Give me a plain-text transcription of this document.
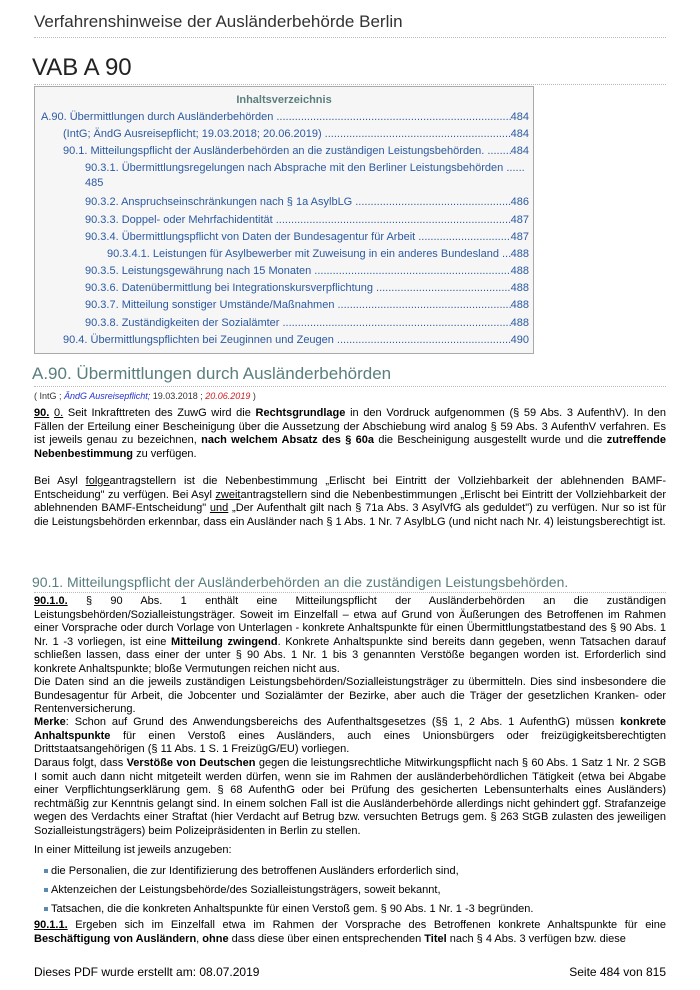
Verfahrenshinweise der Ausländerbehörde Berlin
VAB A 90
Inhaltsverzeichnis
A.90. Übermittlungen durch Ausländerbehörden .....	484
(IntG; ÄndG Ausreisepflicht; 19.03.2018; 20.06.2019) .....	484
90.1. Mitteilungspflicht der Ausländerbehörden an die zuständigen Leistungsbehörden. ..... 484
90.3.1. Übermittlungsregelungen nach Absprache mit den Berliner Leistungsbehörden ...... 485
90.3.2. Anspruchseinschränkungen nach § 1a AsylbLG .....	486
90.3.3. Doppel- oder Mehrfachidentität .....	487
90.3.4. Übermittlungspflicht von Daten der Bundesagentur für Arbeit .....	487
90.3.4.1. Leistungen für Asylbewerber mit Zuweisung in ein anderes Bundesland ..... 488
90.3.5. Leistungsgewährung nach 15 Monaten .....	488
90.3.6. Datenübermittlung bei Integrationskursverpflichtung .....	488
90.3.7. Mitteilung sonstiger Umstände/Maßnahmen .....	488
90.3.8. Zuständigkeiten der Sozialämter .....	488
90.4. Übermittlungspflichten bei Zeuginnen und Zeugen .....	490
A.90. Übermittlungen durch Ausländerbehörden
( IntG ; ÄndG Ausreisepflicht; 19.03.2018 ; 20.06.2019 )
90. 0. Seit Inkrafttreten des ZuwG wird die Rechtsgrundlage in den Vordruck aufgenommen (§ 59 Abs. 3 AufenthV). In den Fällen der Erteilung einer Bescheinigung über die Aussetzung der Abschiebung wird analog § 59 Abs. 3 AufenthV verfahren. Es ist jeweils genau zu bezeichnen, nach welchem Absatz des § 60a die Bescheinigung ausgestellt wurde und die zutreffende Nebenbestimmung zu verfügen.
Bei Asyl folgeantragstellern ist die Nebenbestimmung „Erlischt bei Eintritt der Vollziehbarkeit der ablehnenden BAMF-Entscheidung" zu verfügen. Bei Asyl zweitantragstellern sind die Nebenbestimmungen „Erlischt bei Eintritt der Vollziehbarkeit der ablehnenden BAMF-Entscheidung" und „Der Aufenthalt gilt nach § 71a Abs. 3 AsylVfG als geduldet") zu verfügen. Nur so ist für die Leistungsbehörden erkennbar, dass ein Ausländer nach § 1 Abs. 1 Nr. 7 AsylbLG (und nicht nach Nr. 4) leistungsberechtigt ist.
90.1. Mitteilungspflicht der Ausländerbehörden an die zuständigen Leistungsbehörden.
90.1.0. § 90 Abs. 1 enthält eine Mitteilungspflicht der Ausländerbehörden an die zuständigen Leistungsbehörden/Sozialleistungsträger. Soweit im Einzelfall – etwa auf Grund von Äußerungen des Betroffenen im Rahmen einer Vorsprache oder durch Vorlage von Unterlagen - konkrete Anhaltspunkte für einen Übermittlungstatbestand des § 90 Abs. 1 Nr. 1 -3 vorliegen, ist eine Mitteilung zwingend. Konkrete Anhaltspunkte sind bereits dann gegeben, wenn Tatsachen darauf schließen lassen, dass einer der unter § 90 Abs. 1 Nr. 1 bis 3 genannten Verstöße begangen worden ist. Erforderlich sind konkrete Anhaltspunkte; bloße Vermutungen reichen nicht aus.
Die Daten sind an die jeweils zuständigen Leistungsbehörden/Sozialleistungsträger zu übermitteln. Dies sind insbesondere die Bundesagentur für Arbeit, die Jobcenter und Sozialämter der Bezirke, aber auch die Träger der gesetzlichen Kranken- oder Rentenversicherung.
Merke: Schon auf Grund des Anwendungsbereichs des Aufenthaltsgesetzes (§§ 1, 2 Abs. 1 AufenthG) müssen konkrete Anhaltspunkte für einen Verstoß eines Ausländers, auch eines Unionsbürgers oder freizügigkeitsberechtigten Drittstaatsangehörigen (§ 11 Abs. 1 S. 1 FreizügG/EU) vorliegen.
Daraus folgt, dass Verstöße von Deutschen gegen die leistungsrechtliche Mitwirkungspflicht nach § 60 Abs. 1 Satz 1 Nr. 2 SGB I somit auch dann nicht mitgeteilt werden dürfen, wenn sie im Rahmen der ausländerbehördlichen Tätigkeit (etwa bei Abgabe einer Verpflichtungserklärung gem. § 68 AufenthG oder bei Prüfung des gesicherten Lebensunterhalts eines Ausländers) rechtmäßig zur Kenntnis gelangt sind. In einem solchen Fall ist die Ausländerbehörde allerdings nicht gehindert ggf. Strafanzeige wegen des Verdachts einer Straftat (hier Verdacht auf Betrug bzw. versuchten Betrugs gem. § 263 StGB zulasten des jeweiligen Sozialleistungsträgers) beim Polizeipräsidenten in Berlin zu stellen.
In einer Mitteilung ist jeweils anzugeben:
die Personalien, die zur Identifizierung des betroffenen Ausländers erforderlich sind,
Aktenzeichen der Leistungsbehörde/des Sozialleistungsträgers, soweit bekannt,
Tatsachen, die die konkreten Anhaltspunkte für einen Verstoß gem. § 90 Abs. 1 Nr. 1 -3 begründen.
90.1.1. Ergeben sich im Einzelfall etwa im Rahmen der Vorsprache des Betroffenen konkrete Anhaltspunkte für eine Beschäftigung von Ausländern, ohne dass diese über einen entsprechenden Titel nach § 4 Abs. 3 verfügen bzw. diese
Dieses PDF wurde erstellt am: 08.07.2019	Seite 484 von 815
